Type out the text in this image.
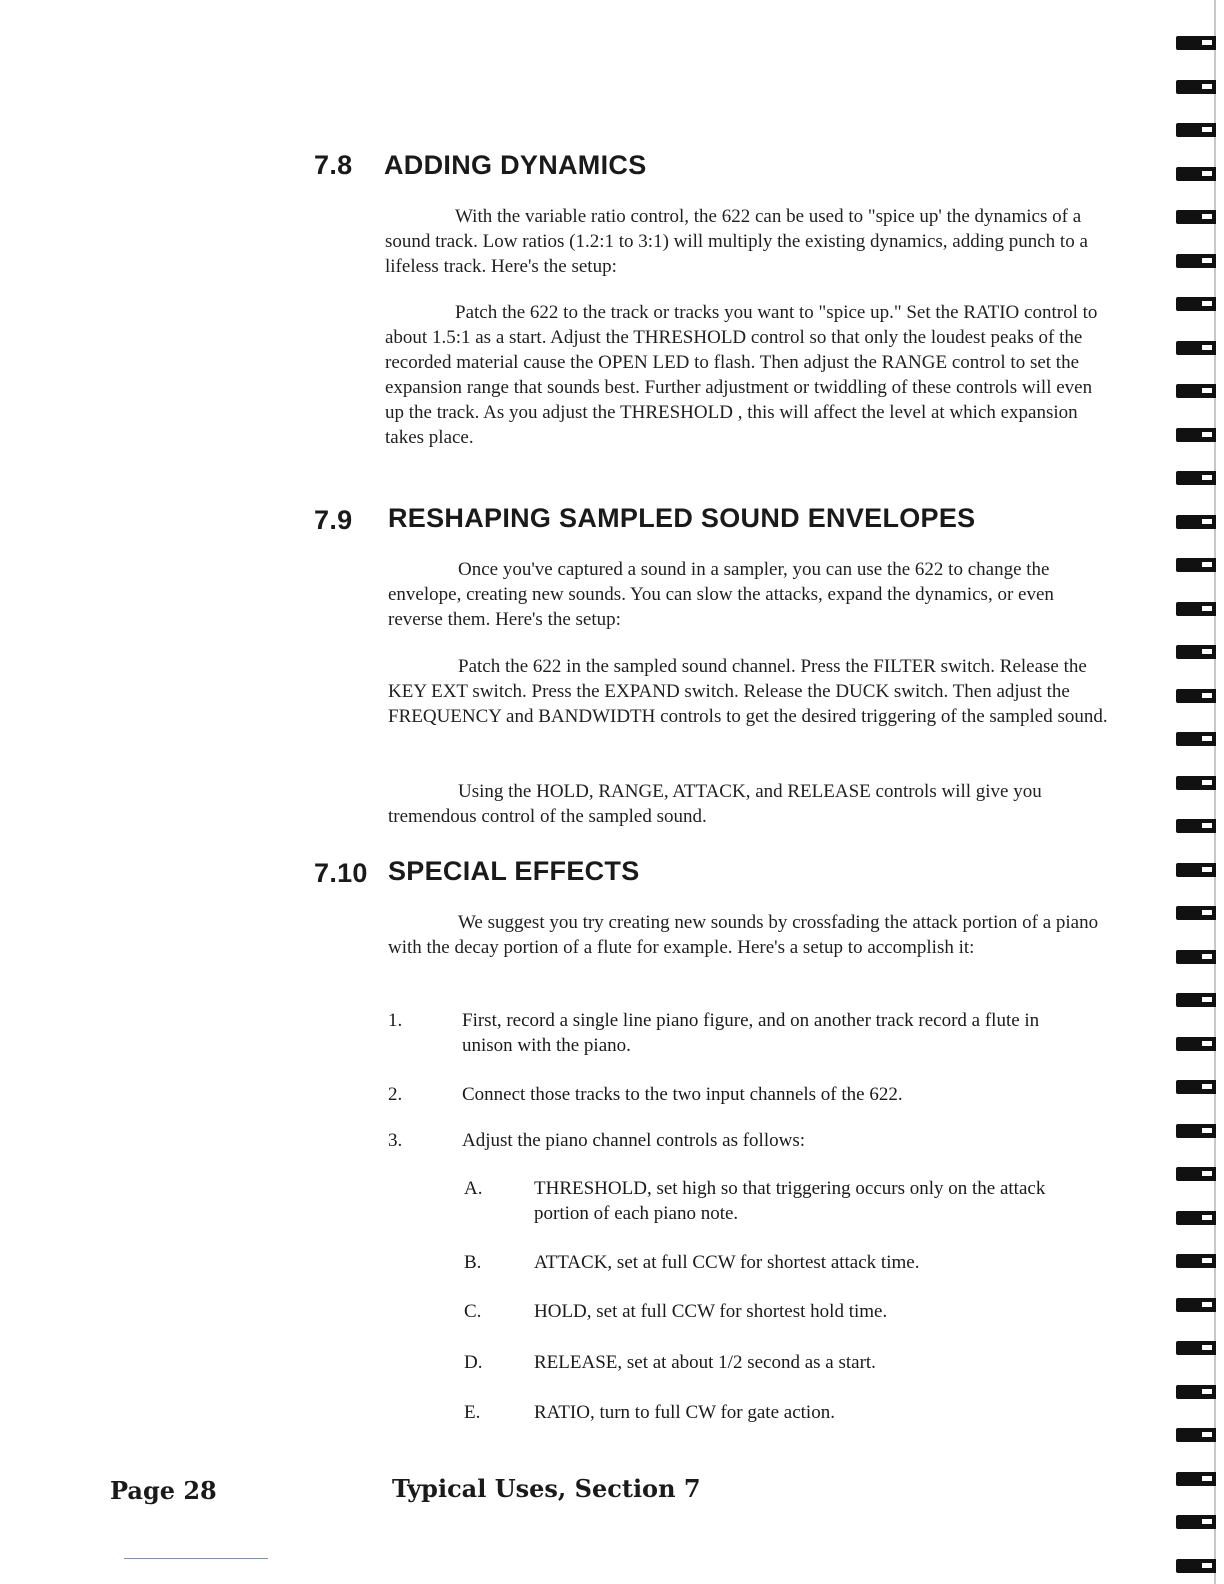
7.8 ADDING DYNAMICS

With the variable ratio control, the 622 can be used to "spice up' the dynamics of a sound track. Low ratios (1.2:1 to 3:1) will multiply the existing dynamics, adding punch to a lifeless track. Here's the setup:

Patch the 622 to the track or tracks you want to "spice up." Set the RATIO control to about 1.5:1 as a start. Adjust the THRESHOLD control so that only the loudest peaks of the recorded material cause the OPEN LED to flash. Then adjust the RANGE control to set the expansion range that sounds best. Further adjustment or twiddling of these controls will even up the track. As you adjust the THRESHOLD , this will affect the level at which expansion takes place.

7.9 RESHAPING SAMPLED SOUND ENVELOPES

Once you've captured a sound in a sampler, you can use the 622 to change the envelope, creating new sounds. You can slow the attacks, expand the dynamics, or even reverse them. Here's the setup:

Patch the 622 in the sampled sound channel. Press the FILTER switch. Release the KEY EXT switch. Press the EXPAND switch. Release the DUCK switch. Then adjust the FREQUENCY and BANDWIDTH controls to get the desired triggering of the sampled sound.

Using the HOLD, RANGE, ATTACK, and RELEASE controls will give you tremendous control of the sampled sound.

7.10 SPECIAL EFFECTS

We suggest you try creating new sounds by crossfading the attack portion of a piano with the decay portion of a flute for example. Here's a setup to accomplish it:

1.	First, record a single line piano figure, and on another track record a flute in unison with the piano.
2.	Connect those tracks to the two input channels of the 622.
3.	Adjust the piano channel controls as follows:
A.	THRESHOLD, set high so that triggering occurs only on the attack portion of each piano note.
B.	ATTACK, set at full CCW for shortest attack time.
C.	HOLD, set at full CCW for shortest hold time.
D.	RELEASE, set at about 1/2 second as a start.
E.	RATIO, turn to full CW for gate action.
Page 28	Typical Uses, Section 7
